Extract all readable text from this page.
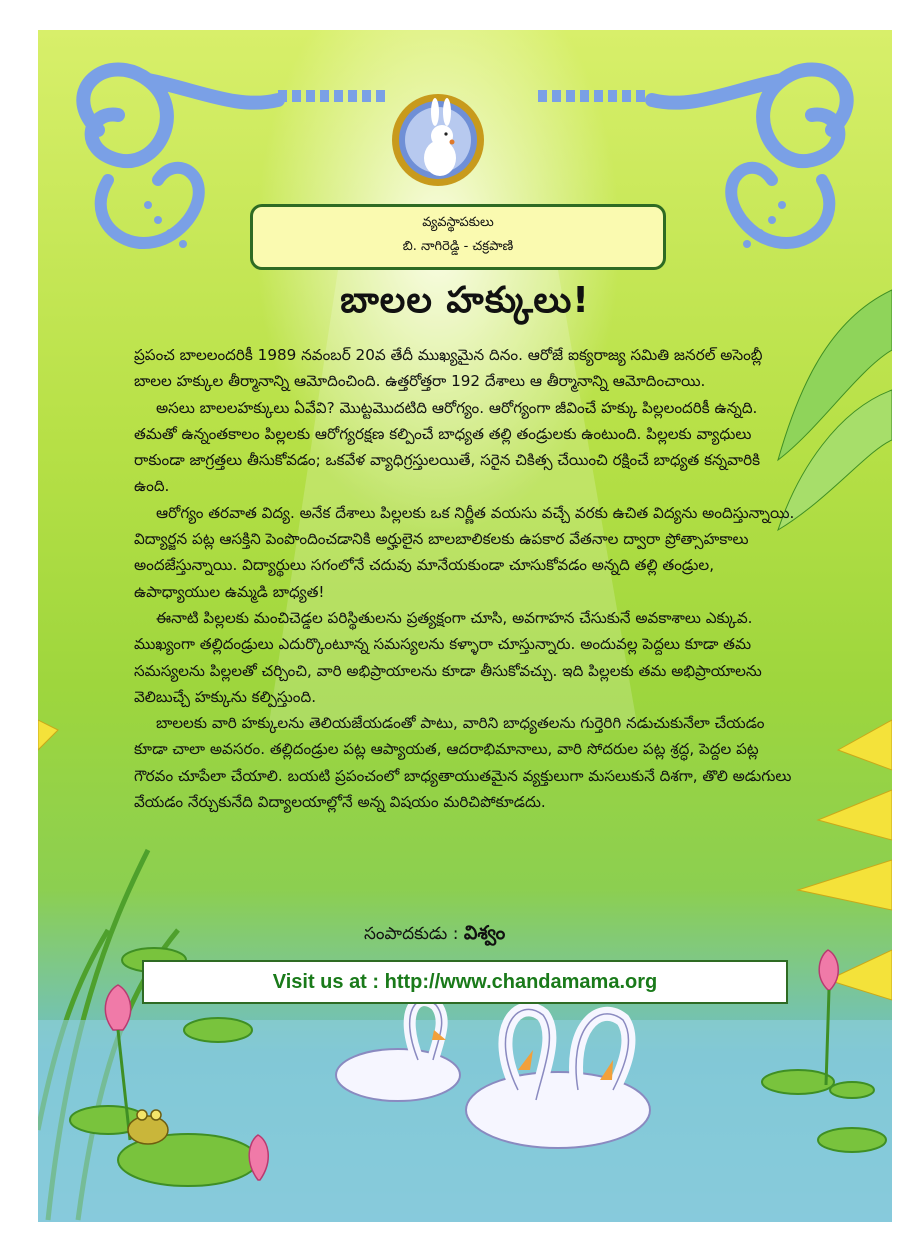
వ్యవస్థాపకులు
బి. నాగిరెడ్డి - చక్రపాణి
బాలల హక్కులు!

ప్రపంచ బాలలందరికీ 1989 నవంబర్ 20వ తేదీ ముఖ్యమైన దినం. ఆరోజే ఐక్యరాజ్య సమితి జనరల్ అసెంబ్లీ బాలల హక్కుల తీర్మానాన్ని ఆమోదించింది. ఉత్తరోత్తరా 192 దేశాలు ఆ తీర్మానాన్ని ఆమోదించాయి.

అసలు బాలలహక్కులు ఏవేవి? మొట్టమొదటిది ఆరోగ్యం. ఆరోగ్యంగా జీవించే హక్కు పిల్లలందరికీ ఉన్నది. తమతో ఉన్నంతకాలం పిల్లలకు ఆరోగ్యరక్షణ కల్పించే బాధ్యత తల్లి తండ్రులకు ఉంటుంది. పిల్లలకు వ్యాధులు రాకుండా జాగ్రత్తలు తీసుకోవడం; ఒకవేళ వ్యాధిగ్రస్తులయితే, సరైన చికిత్స చేయించి రక్షించే బాధ్యత కన్నవారికి ఉంది.

ఆరోగ్యం తరవాత విద్య. అనేక దేశాలు పిల్లలకు ఒక నిర్ణీత వయసు వచ్చే వరకు ఉచిత విద్యను అందిస్తున్నాయి. విద్యార్జన పట్ల ఆసక్తిని పెంపొందించడానికి అర్హులైన బాలబాలికలకు ఉపకార వేతనాల ద్వారా ప్రోత్సాహకాలు అందజేస్తున్నాయి. విద్యార్థులు సగంలోనే చదువు మానేయకుండా చూసుకోవడం అన్నది తల్లి తండ్రుల, ఉపాధ్యాయుల ఉమ్మడి బాధ్యత!

ఈనాటి పిల్లలకు మంచిచెడ్డల పరిస్థితులను ప్రత్యక్షంగా చూసి, అవగాహన చేసుకునే అవకాశాలు ఎక్కువ. ముఖ్యంగా తల్లిదండ్రులు ఎదుర్కొంటూన్న సమస్యలను కళ్ళారా చూస్తున్నారు. అందువల్ల పెద్దలు కూడా తమ సమస్యలను పిల్లలతో చర్చించి, వారి అభిప్రాయాలను కూడా తీసుకోవచ్చు. ఇది పిల్లలకు తమ అభిప్రాయాలను వెలిబుచ్చే హక్కును కల్పిస్తుంది.

బాలలకు వారి హక్కులను తెలియజేయడంతో పాటు, వారిని బాధ్యతలను గుర్తెరిగి నడుచుకునేలా చేయడం కూడా చాలా అవసరం. తల్లిదండ్రుల పట్ల ఆప్యాయత, ఆదరాభిమానాలు, వారి సోదరుల పట్ల శ్రద్ధ, పెద్దల పట్ల గౌరవం చూపేలా చేయాలి. బయటి ప్రపంచంలో బాధ్యతాయుతమైన వ్యక్తులుగా మసలుకునే దిశగా, తొలి అడుగులు వేయడం నేర్చుకునేది విద్యాలయాల్లోనే అన్న విషయం మరిచిపోకూడదు.

సంపాదకుడు : విశ్వం
Visit us at : http://www.chandamama.org
